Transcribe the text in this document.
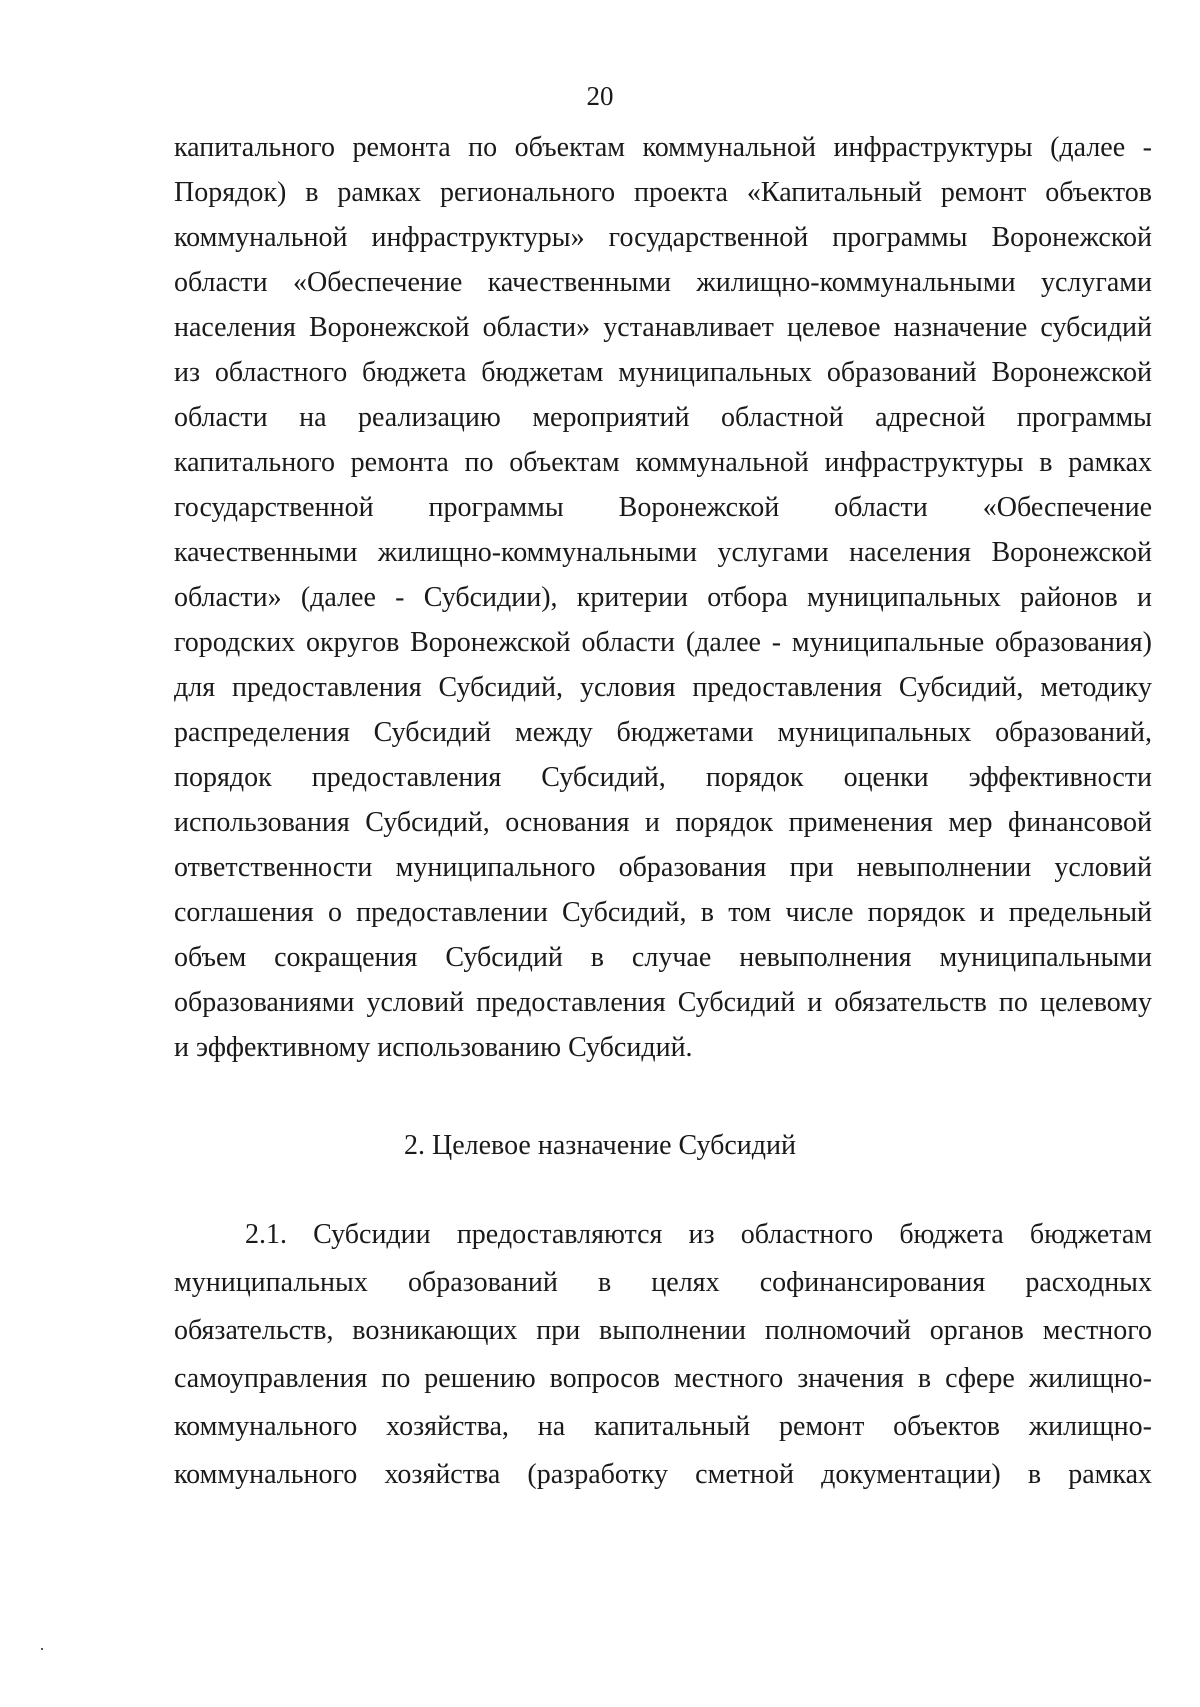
20
капитального ремонта по объектам коммунальной инфраструктуры (далее -
Порядок) в рамках регионального проекта «Капитальный ремонт объектов
коммунальной инфраструктуры» государственной программы Воронежской
области «Обеспечение качественными жилищно-коммунальными услугами
населения Воронежской области» устанавливает целевое назначение субсидий
из областного бюджета бюджетам муниципальных образований Воронежской
области на реализацию мероприятий областной адресной программы
капитального ремонта по объектам коммунальной инфраструктуры в рамках
государственной программы Воронежской области «Обеспечение
качественными жилищно-коммунальными услугами населения Воронежской
области» (далее - Субсидии), критерии отбора муниципальных районов и
городских округов Воронежской области (далее - муниципальные образования)
для предоставления Субсидий, условия предоставления Субсидий, методику
распределения Субсидий между бюджетами муниципальных образований,
порядок предоставления Субсидий, порядок оценки эффективности
использования Субсидий, основания и порядок применения мер финансовой
ответственности муниципального образования при невыполнении условий
соглашения о предоставлении Субсидий, в том числе порядок и предельный
объем сокращения Субсидий в случае невыполнения муниципальными
образованиями условий предоставления Субсидий и обязательств по целевому
и эффективному использованию Субсидий.
2. Целевое назначение Субсидий
2.1. Субсидии предоставляются из областного бюджета бюджетам
муниципальных образований в целях софинансирования расходных
обязательств, возникающих при выполнении полномочий органов местного
самоуправления по решению вопросов местного значения в сфере жилищно-
коммунального хозяйства, на капитальный ремонт объектов жилищно-
коммунального хозяйства (разработку сметной документации) в рамках
